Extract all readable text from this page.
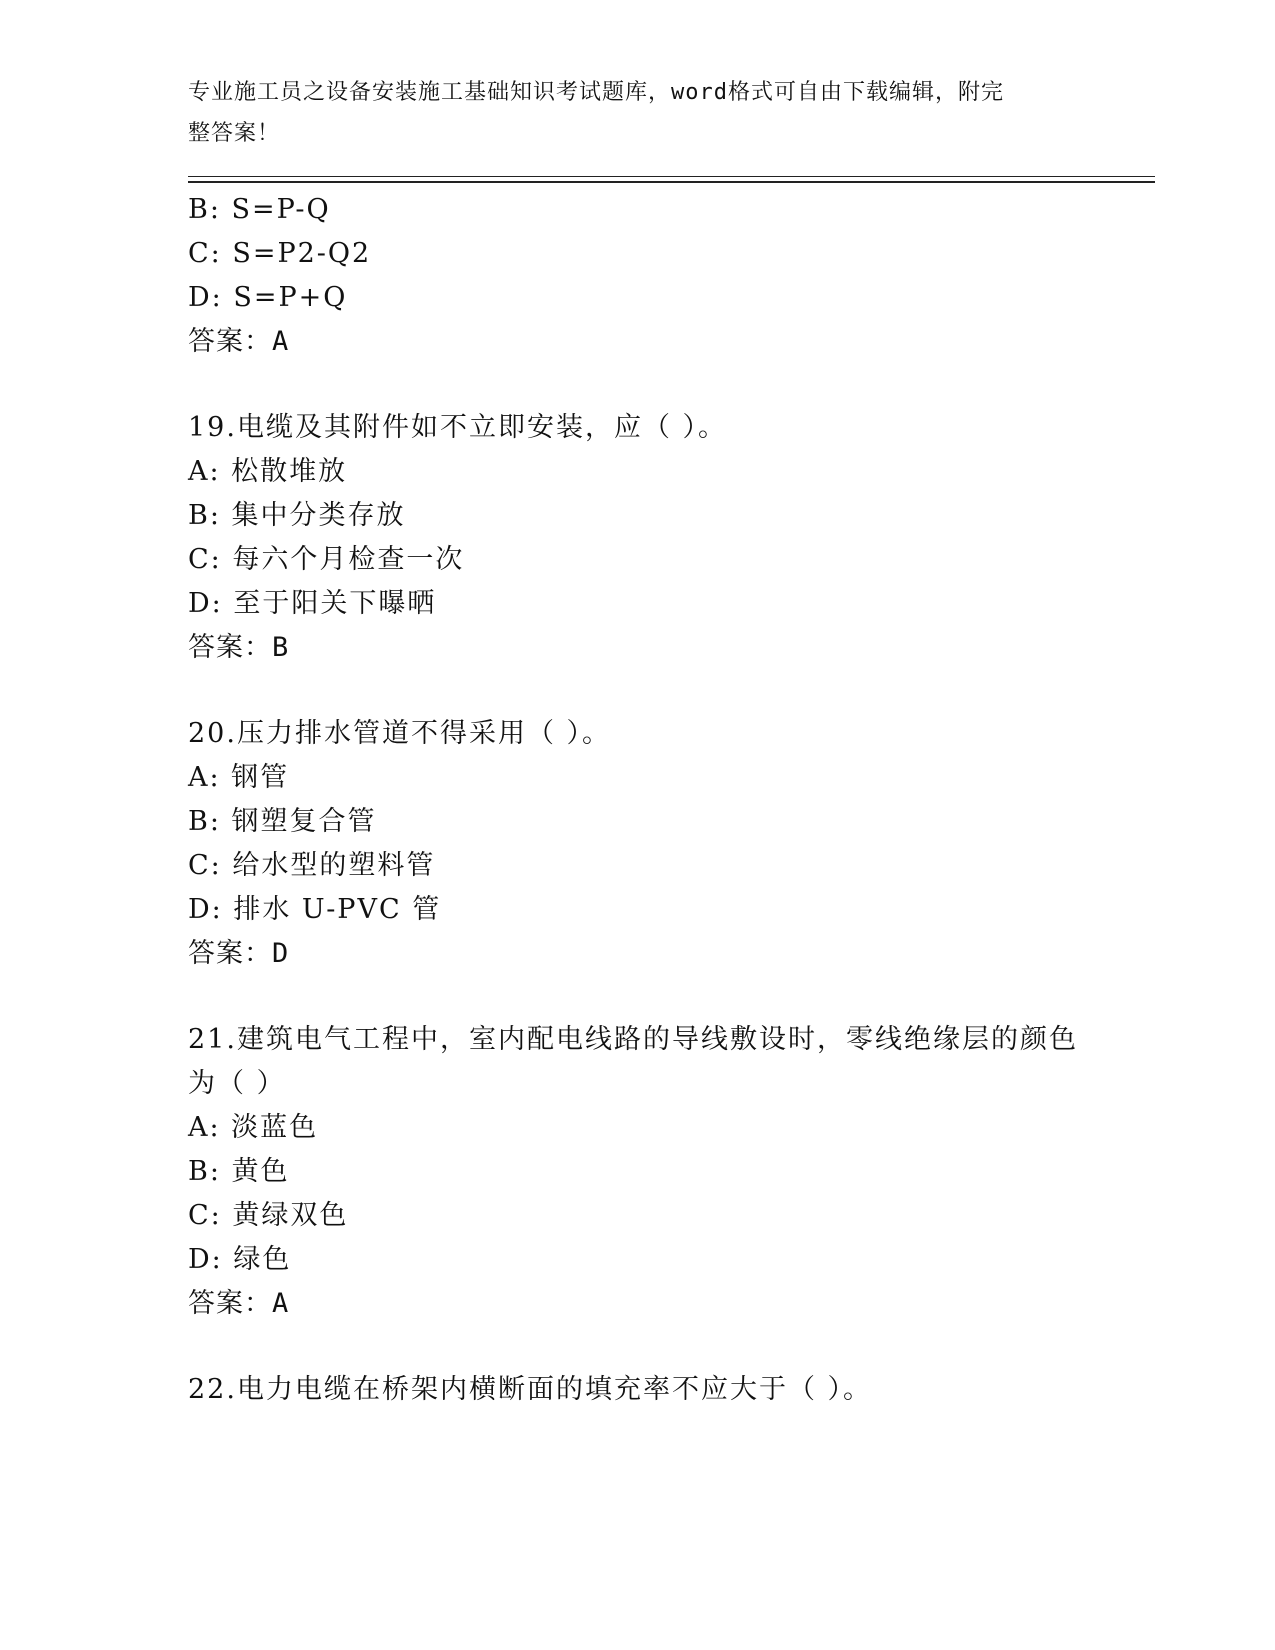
专业施工员之设备安装施工基础知识考试题库，word格式可自由下载编辑，附完
整答案！
B: S=P-Q
C: S=P2-Q2
D: S=P+Q
答案：A
19.电缆及其附件如不立即安装，应（ ）。
A: 松散堆放
B: 集中分类存放
C: 每六个月检查一次
D: 至于阳关下曝晒
答案：B
20.压力排水管道不得采用（ ）。
A: 钢管
B: 钢塑复合管
C: 给水型的塑料管
D: 排水 U-PVC 管
答案：D
21.建筑电气工程中，室内配电线路的导线敷设时，零线绝缘层的颜色
为（ ）
A: 淡蓝色
B: 黄色
C: 黄绿双色
D: 绿色
答案：A
22.电力电缆在桥架内横断面的填充率不应大于（ ）。
